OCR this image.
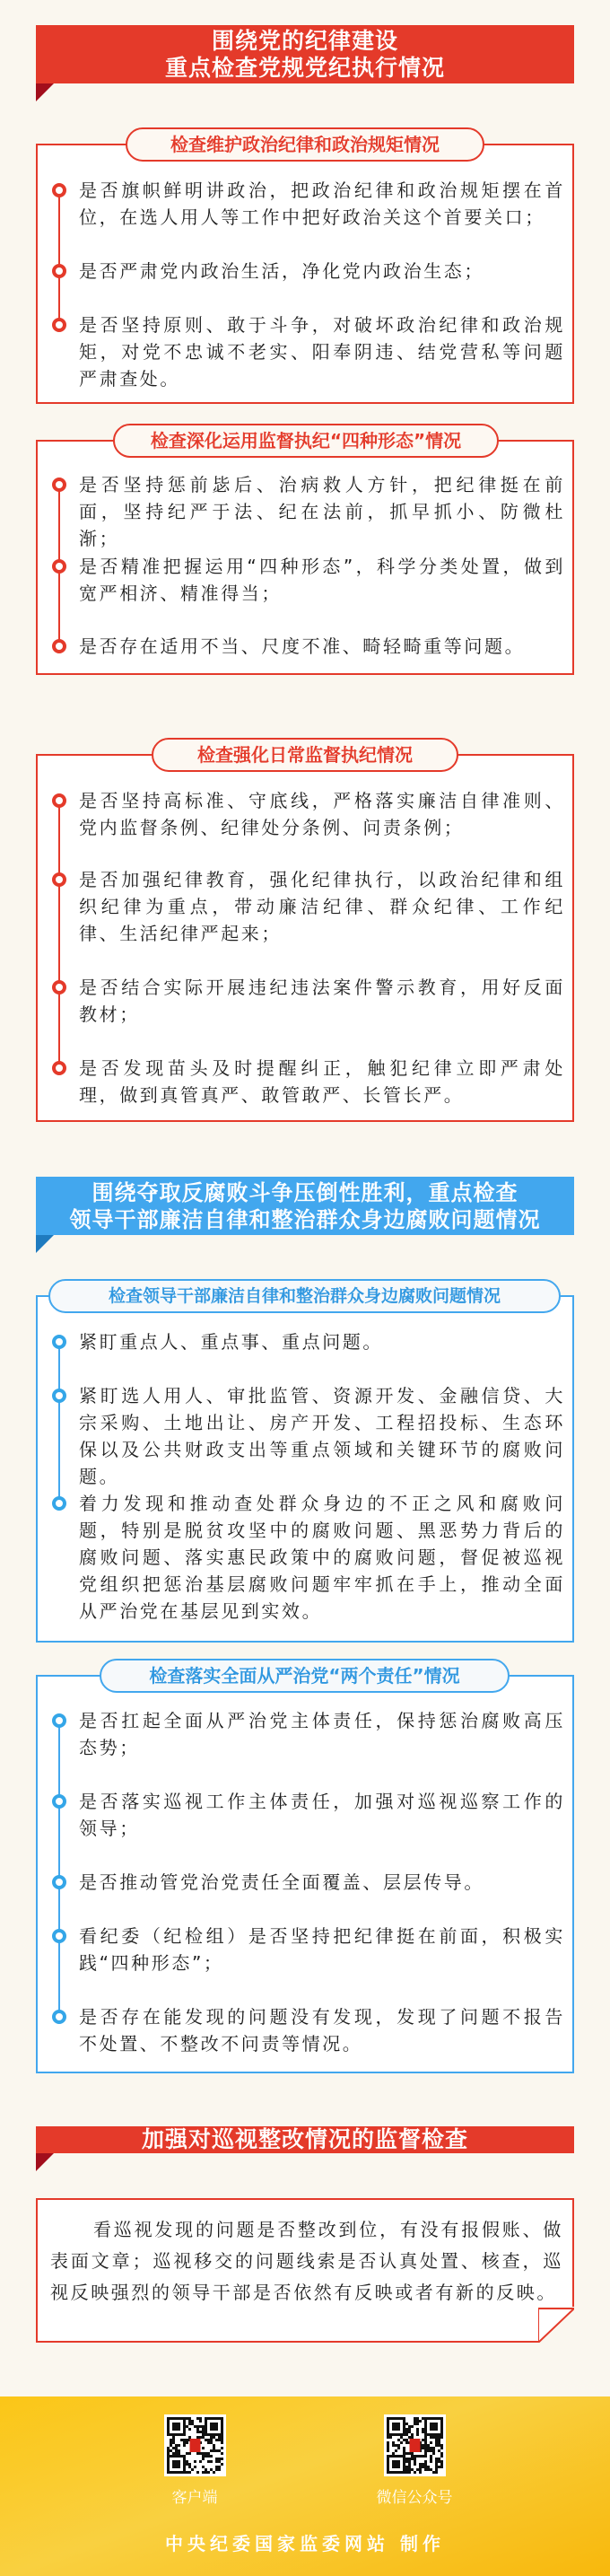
围绕党的纪律建设
重点检查党规党纪执行情况
检查维护政治纪律和政治规矩情况
是否旗帜鲜明讲政治，把政治纪律和政治规矩摆在首位，在选人用人等工作中把好政治关这个首要关口；
是否严肃党内政治生活，净化党内政治生态；
是否坚持原则、敢于斗争，对破坏政治纪律和政治规矩，对党不忠诚不老实、阳奉阴违、结党营私等问题严肃查处。
检查深化运用监督执纪“四种形态”情况
是否坚持惩前毖后、治病救人方针，把纪律挺在前面，坚持纪严于法、纪在法前，抓早抓小、防微杜渐；
是否精准把握运用“四种形态”，科学分类处置，做到宽严相济、精准得当；
是否存在适用不当、尺度不准、畸轻畸重等问题。
检查强化日常监督执纪情况
是否坚持高标准、守底线，严格落实廉洁自律准则、党内监督条例、纪律处分条例、问责条例；
是否加强纪律教育，强化纪律执行，以政治纪律和组织纪律为重点，带动廉洁纪律、群众纪律、工作纪律、生活纪律严起来；
是否结合实际开展违纪违法案件警示教育，用好反面教材；
是否发现苗头及时提醒纠正，触犯纪律立即严肃处理，做到真管真严、敢管敢严、长管长严。
围绕夺取反腐败斗争压倒性胜利，重点检查
领导干部廉洁自律和整治群众身边腐败问题情况
检查领导干部廉洁自律和整治群众身边腐败问题情况
紧盯重点人、重点事、重点问题。
紧盯选人用人、审批监管、资源开发、金融信贷、大宗采购、土地出让、房产开发、工程招投标、生态环保以及公共财政支出等重点领域和关键环节的腐败问题。
着力发现和推动查处群众身边的不正之风和腐败问题，特别是脱贫攻坚中的腐败问题、黑恶势力背后的腐败问题、落实惠民政策中的腐败问题，督促被巡视党组织把惩治基层腐败问题牢牢抓在手上，推动全面从严治党在基层见到实效。
检查落实全面从严治党“两个责任”情况
是否扛起全面从严治党主体责任，保持惩治腐败高压态势；
是否落实巡视工作主体责任，加强对巡视巡察工作的领导；
是否推动管党治党责任全面覆盖、层层传导。
看纪委（纪检组）是否坚持把纪律挺在前面，积极实践“四种形态”；
是否存在能发现的问题没有发现，发现了问题不报告不处置、不整改不问责等情况。
加强对巡视整改情况的监督检查
看巡视发现的问题是否整改到位，有没有报假账、做表面文章；巡视移交的问题线索是否认真处置、核查，巡视反映强烈的领导干部是否依然有反映或者有新的反映。
客户端	微信公众号
中央纪委国家监委网站 制作
